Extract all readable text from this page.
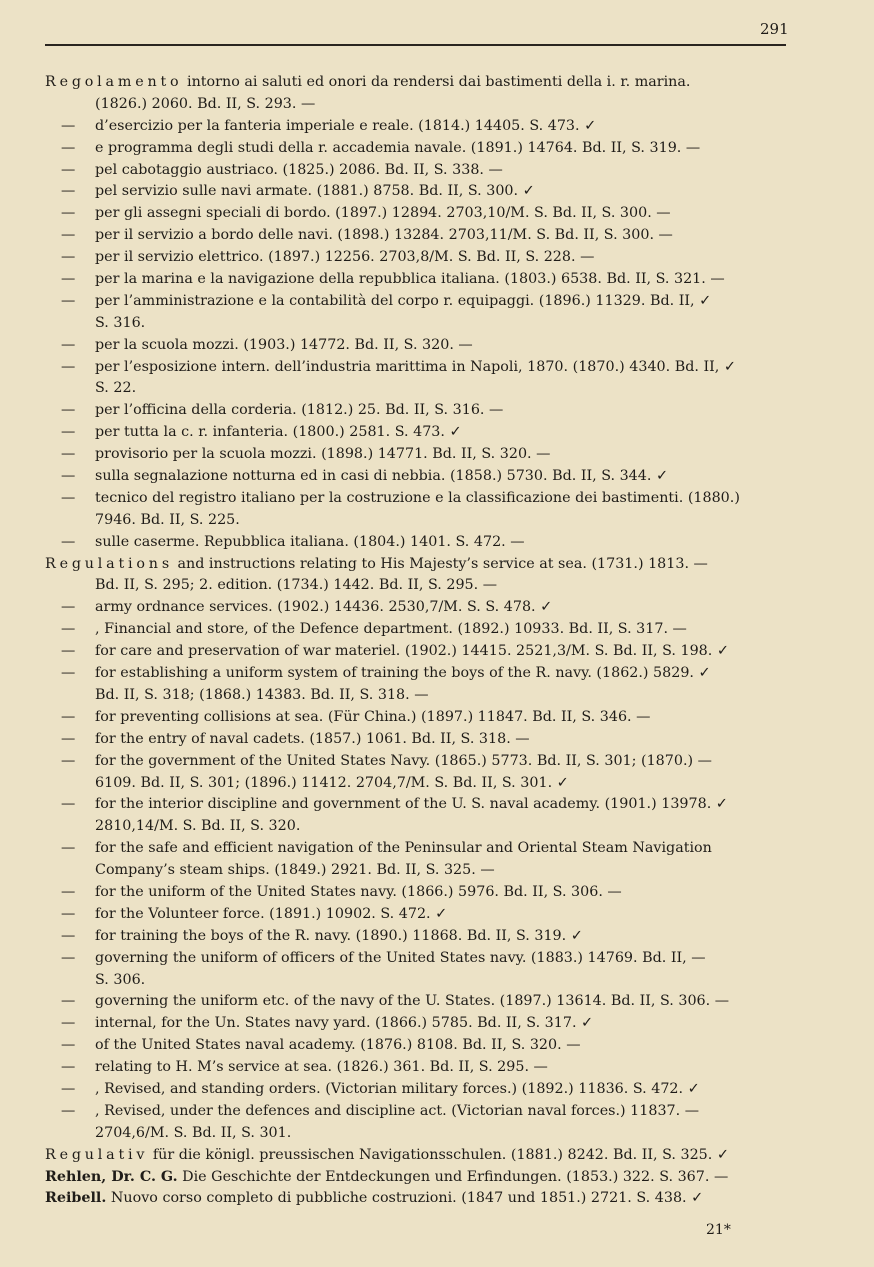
291
Regolamento intorno ai saluti ed onori da rendersi dai bastimenti della i. r. marina.
(1826.) 2060. Bd. II, S. 293. —
— d’esercizio per la fanteria imperiale e reale. (1814.) 14405. S. 473. ✓
— e programma degli studi della r. accademia navale. (1891.) 14764. Bd. II, S. 319. —
— pel cabotaggio austriaco. (1825.) 2086. Bd. II, S. 338. —
— pel servizio sulle navi armate. (1881.) 8758. Bd. II, S. 300. ✓
— per gli assegni speciali di bordo. (1897.) 12894. 2703,10/M. S. Bd. II, S. 300. —
— per il servizio a bordo delle navi. (1898.) 13284. 2703,11/M. S. Bd. II, S. 300. —
— per il servizio elettrico. (1897.) 12256. 2703,8/M. S. Bd. II, S. 228. —
— per la marina e la navigazione della repubblica italiana. (1803.) 6538. Bd. II, S. 321. —
— per l’amministrazione e la contabilità del corpo r. equipaggi. (1896.) 11329. Bd. II, ✓
S. 316.
— per la scuola mozzi. (1903.) 14772. Bd. II, S. 320. —
— per l’esposizione intern. dell’industria marittima in Napoli, 1870. (1870.) 4340. Bd. II, ✓
S. 22.
— per l’officina della corderia. (1812.) 25. Bd. II, S. 316. —
— per tutta la c. r. infanteria. (1800.) 2581. S. 473. ✓
— provisorio per la scuola mozzi. (1898.) 14771. Bd. II, S. 320. —
— sulla segnalazione notturna ed in casi di nebbia. (1858.) 5730. Bd. II, S. 344. ✓
— tecnico del registro italiano per la costruzione e la classificazione dei bastimenti. (1880.)
7946. Bd. II, S. 225.
— sulle caserme. Repubblica italiana. (1804.) 1401. S. 472. —
Regulations and instructions relating to His Majesty’s service at sea. (1731.) 1813. —
Bd. II, S. 295; 2. edition. (1734.) 1442. Bd. II, S. 295. —
— army ordnance services. (1902.) 14436. 2530,7/M. S. S. 478. ✓
— , Financial and store, of the Defence department. (1892.) 10933. Bd. II, S. 317. —
— for care and preservation of war materiel. (1902.) 14415. 2521,3/M. S. Bd. II, S. 198. ✓
— for establishing a uniform system of training the boys of the R. navy. (1862.) 5829. ✓
Bd. II, S. 318; (1868.) 14383. Bd. II, S. 318. —
— for preventing collisions at sea. (Für China.) (1897.) 11847. Bd. II, S. 346. —
— for the entry of naval cadets. (1857.) 1061. Bd. II, S. 318. —
— for the government of the United States Navy. (1865.) 5773. Bd. II, S. 301; (1870.) —
6109. Bd. II, S. 301; (1896.) 11412. 2704,7/M. S. Bd. II, S. 301. ✓
— for the interior discipline and government of the U. S. naval academy. (1901.) 13978. ✓
2810,14/M. S. Bd. II, S. 320.
— for the safe and efficient navigation of the Peninsular and Oriental Steam Navigation
Company’s steam ships. (1849.) 2921. Bd. II, S. 325. —
— for the uniform of the United States navy. (1866.) 5976. Bd. II, S. 306. —
— for the Volunteer force. (1891.) 10902. S. 472. ✓
— for training the boys of the R. navy. (1890.) 11868. Bd. II, S. 319. ✓
— governing the uniform of officers of the United States navy. (1883.) 14769. Bd. II, —
S. 306.
— governing the uniform etc. of the navy of the U. States. (1897.) 13614. Bd. II, S. 306. —
— internal, for the Un. States navy yard. (1866.) 5785. Bd. II, S. 317. ✓
— of the United States naval academy. (1876.) 8108. Bd. II, S. 320. —
— relating to H. M’s service at sea. (1826.) 361. Bd. II, S. 295. —
— , Revised, and standing orders. (Victorian military forces.) (1892.) 11836. S. 472. ✓
— , Revised, under the defences and discipline act. (Victorian naval forces.) 11837. —
2704,6/M. S. Bd. II, S. 301.
Regulativ für die königl. preussischen Navigationsschulen. (1881.) 8242. Bd. II, S. 325. ✓
Rehlen, Dr. C. G. Die Geschichte der Entdeckungen und Erfindungen. (1853.) 322. S. 367. —
Reibell. Nuovo corso completo di pubbliche costruzioni. (1847 und 1851.) 2721. S. 438. ✓
21*
